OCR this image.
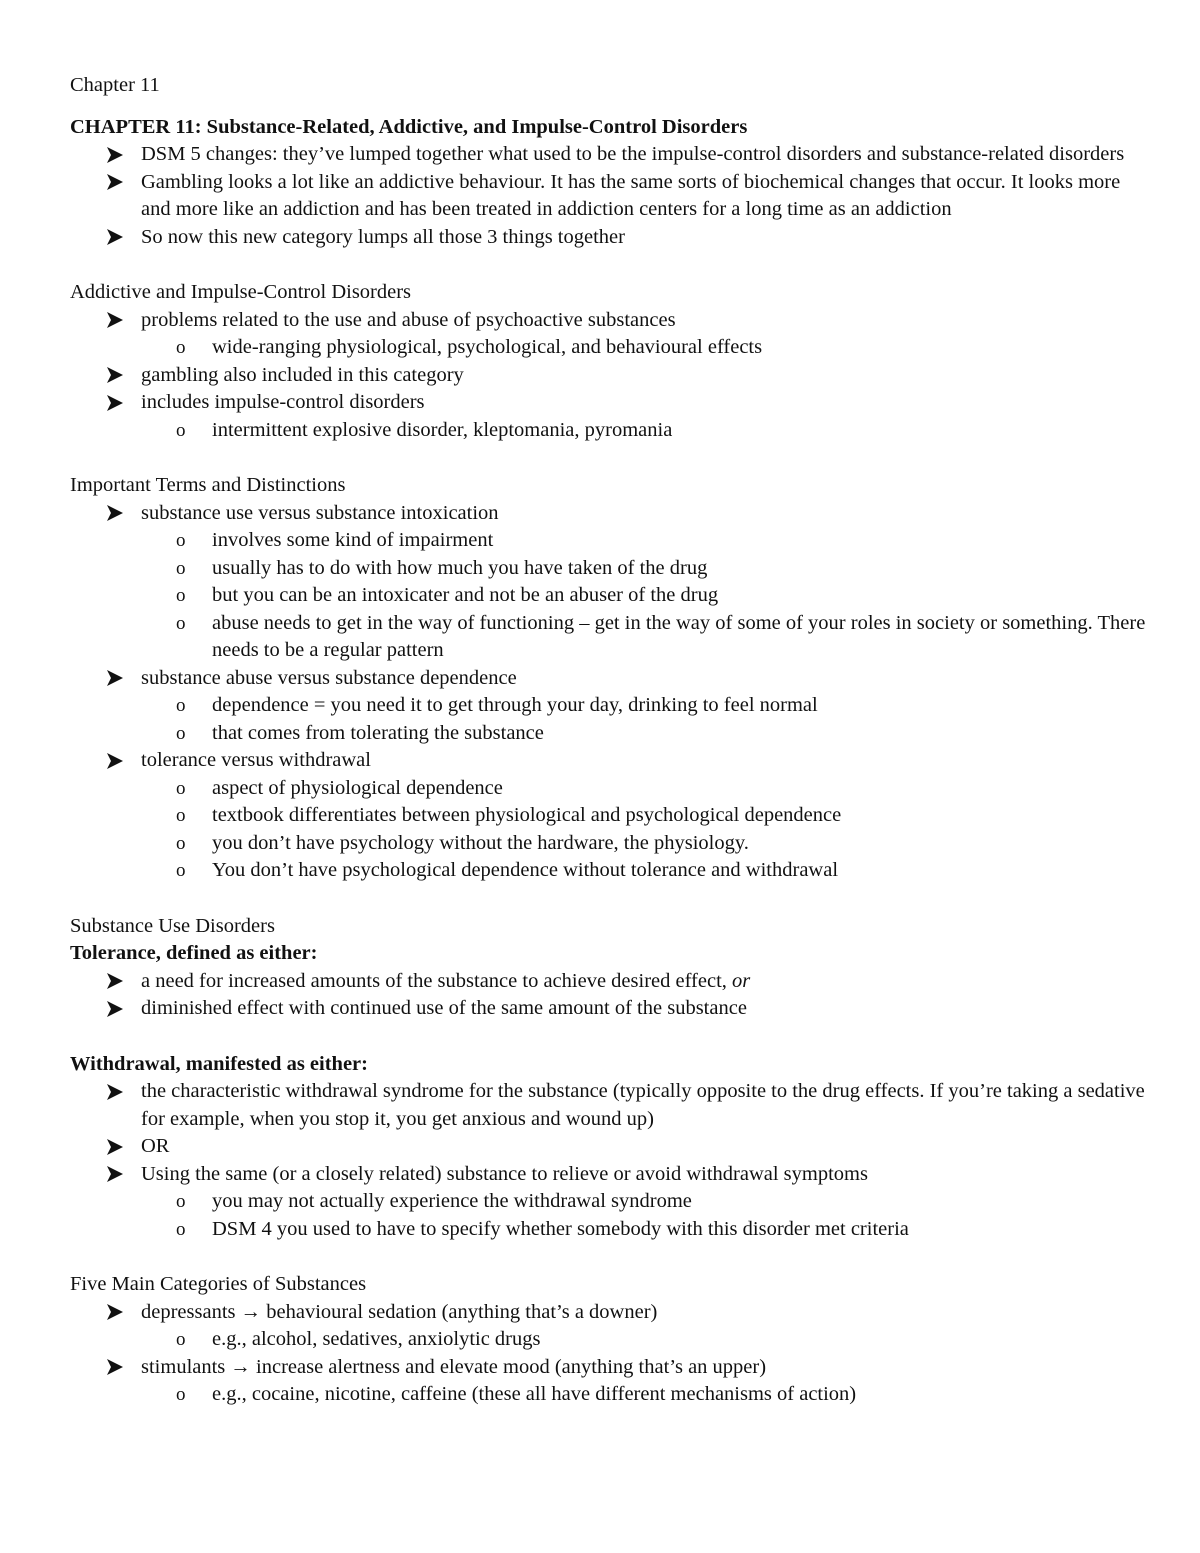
Chapter 11
CHAPTER 11: Substance-Related, Addictive, and Impulse-Control Disorders
DSM 5 changes: they’ve lumped together what used to be the impulse-control disorders and substance-related disorders
Gambling looks a lot like an addictive behaviour. It has the same sorts of biochemical changes that occur. It looks more and more like an addiction and has been treated in addiction centers for a long time as an addiction
So now this new category lumps all those 3 things together
Addictive and Impulse-Control Disorders
problems related to the use and abuse of psychoactive substances
o wide-ranging physiological, psychological, and behavioural effects
gambling also included in this category
includes impulse-control disorders
o intermittent explosive disorder, kleptomania, pyromania
Important Terms and Distinctions
substance use versus substance intoxication
o involves some kind of impairment
o usually has to do with how much you have taken of the drug
o but you can be an intoxicater and not be an abuser of the drug
o abuse needs to get in the way of functioning – get in the way of some of your roles in society or something. There needs to be a regular pattern
substance abuse versus substance dependence
o dependence = you need it to get through your day, drinking to feel normal
o that comes from tolerating the substance
tolerance versus withdrawal
o aspect of physiological dependence
o textbook differentiates between physiological and psychological dependence
o you don’t have psychology without the hardware, the physiology.
o You don’t have psychological dependence without tolerance and withdrawal
Substance Use Disorders
Tolerance, defined as either:
a need for increased amounts of the substance to achieve desired effect, or
diminished effect with continued use of the same amount of the substance
Withdrawal, manifested as either:
the characteristic withdrawal syndrome for the substance (typically opposite to the drug effects. If you’re taking a sedative for example, when you stop it, you get anxious and wound up)
OR
Using the same (or a closely related) substance to relieve or avoid withdrawal symptoms
o you may not actually experience the withdrawal syndrome
o DSM 4 you used to have to specify whether somebody with this disorder met criteria
Five Main Categories of Substances
depressants → behavioural sedation (anything that’s a downer)
o e.g., alcohol, sedatives, anxiolytic drugs
stimulants → increase alertness and elevate mood (anything that’s an upper)
o e.g., cocaine, nicotine, caffeine (these all have different mechanisms of action)
